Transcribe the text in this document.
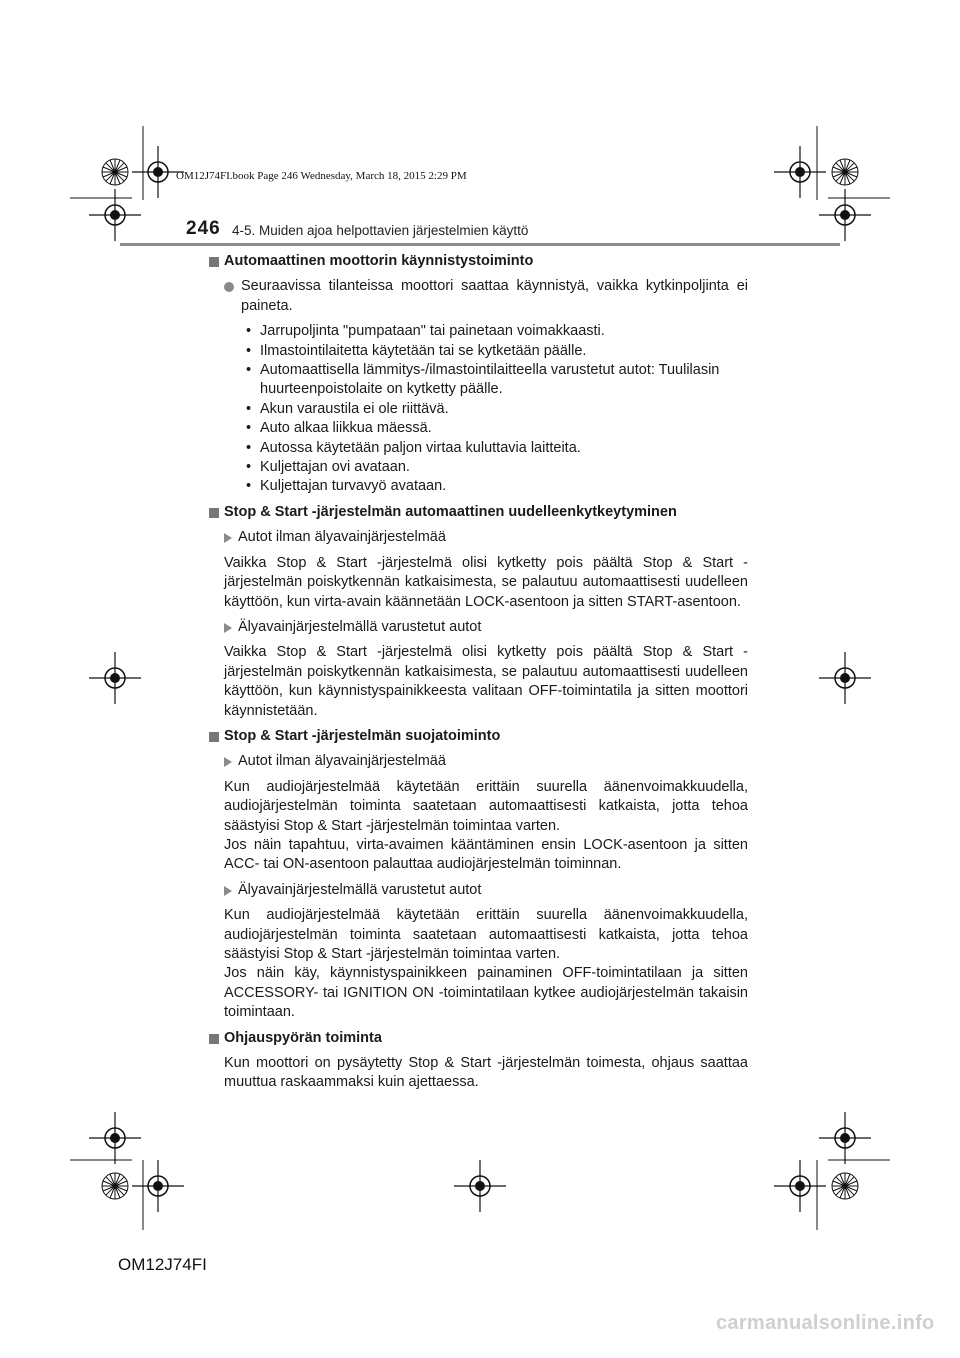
OM12J74FI.book Page 246 Wednesday, March 18, 2015 2:29 PM
246 4-5. Muiden ajoa helpottavien järjestelmien käyttö
Automaattinen moottorin käynnistystoiminto
Seuraavissa tilanteissa moottori saattaa käynnistyä, vaikka kytkinpoljinta ei paineta.
• Jarrupoljinta "pumpataan" tai painetaan voimakkaasti.
• Ilmastointilaitetta käytetään tai se kytketään päälle.
• Automaattisella lämmitys-/ilmastointilaitteella varustetut autot: Tuulilasin huurteenpoistolaite on kytketty päälle.
• Akun varaustila ei ole riittävä.
• Auto alkaa liikkua mäessä.
• Autossa käytetään paljon virtaa kuluttavia laitteita.
• Kuljettajan ovi avataan.
• Kuljettajan turvavyö avataan.
Stop & Start -järjestelmän automaattinen uudelleenkytkeytyminen
Autot ilman älyavainjärjestelmää
Vaikka Stop & Start -järjestelmä olisi kytketty pois päältä Stop & Start -järjestelmän poiskytkennän katkaisimesta, se palautuu automaattisesti uudelleen käyttöön, kun virta-avain käännetään LOCK-asentoon ja sitten START-asentoon.
Älyavainjärjestelmällä varustetut autot
Vaikka Stop & Start -järjestelmä olisi kytketty pois päältä Stop & Start -järjestelmän poiskytkennän katkaisimesta, se palautuu automaattisesti uudelleen käyttöön, kun käynnistyspainikkeesta valitaan OFF-toimintatila ja sitten moottori käynnistetään.
Stop & Start -järjestelmän suojatoiminto
Autot ilman älyavainjärjestelmää
Kun audiojärjestelmää käytetään erittäin suurella äänenvoimakkuudella, audiojärjestelmän toiminta saatetaan automaattisesti katkaista, jotta tehoa säästyisi Stop & Start -järjestelmän toimintaa varten.
Jos näin tapahtuu, virta-avaimen kääntäminen ensin LOCK-asentoon ja sitten ACC- tai ON-asentoon palauttaa audiojärjestelmän toiminnan.
Älyavainjärjestelmällä varustetut autot
Kun audiojärjestelmää käytetään erittäin suurella äänenvoimakkuudella, audiojärjestelmän toiminta saatetaan automaattisesti katkaista, jotta tehoa säästyisi Stop & Start -järjestelmän toimintaa varten.
Jos näin käy, käynnistyspainikkeen painaminen OFF-toimintatilaan ja sitten ACCESSORY- tai IGNITION ON -toimintatilaan kytkee audiojärjestelmän takaisin toimintaan.
Ohjauspyörän toiminta
Kun moottori on pysäytetty Stop & Start -järjestelmän toimesta, ohjaus saattaa muuttua raskaammaksi kuin ajettaessa.
OM12J74FI
carmanualsonline.info
